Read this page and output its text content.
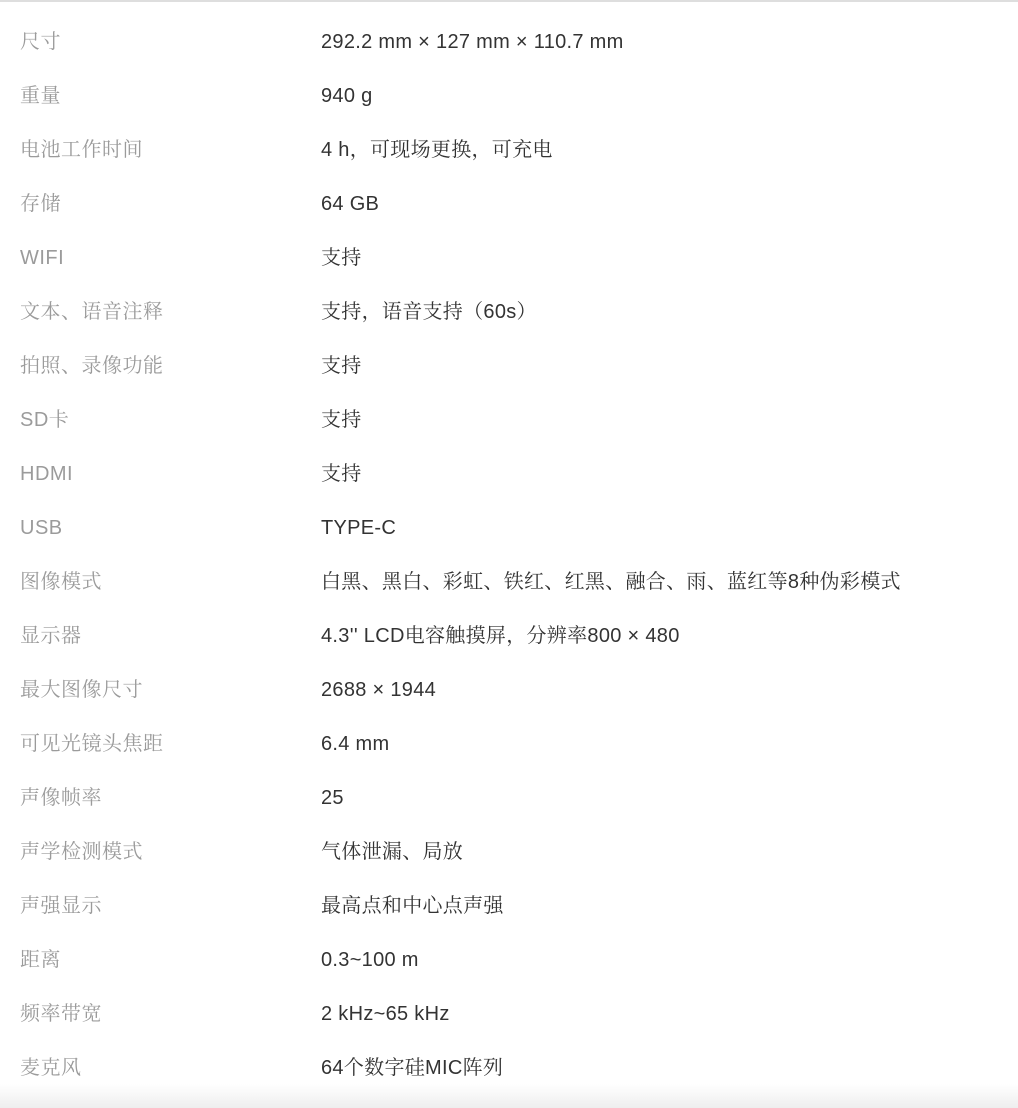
尺寸	292.2 mm × 127 mm × 110.7 mm
重量	940 g
电池工作时间	4 h，可现场更换，可充电
存储	64 GB
WIFI	支持
文本、语音注释	支持，语音支持（60s）
拍照、录像功能	支持
SD卡	支持
HDMI	支持
USB	TYPE-C
图像模式	白黑、黑白、彩虹、铁红、红黑、融合、雨、蓝红等8种伪彩模式
显示器	4.3'' LCD电容触摸屏，分辨率800 × 480
最大图像尺寸	2688 × 1944
可见光镜头焦距	6.4 mm
声像帧率	25
声学检测模式	气体泄漏、局放
声强显示	最高点和中心点声强
距离	0.3~100 m
频率带宽	2 kHz~65 kHz
麦克风	64个数字硅MIC阵列
